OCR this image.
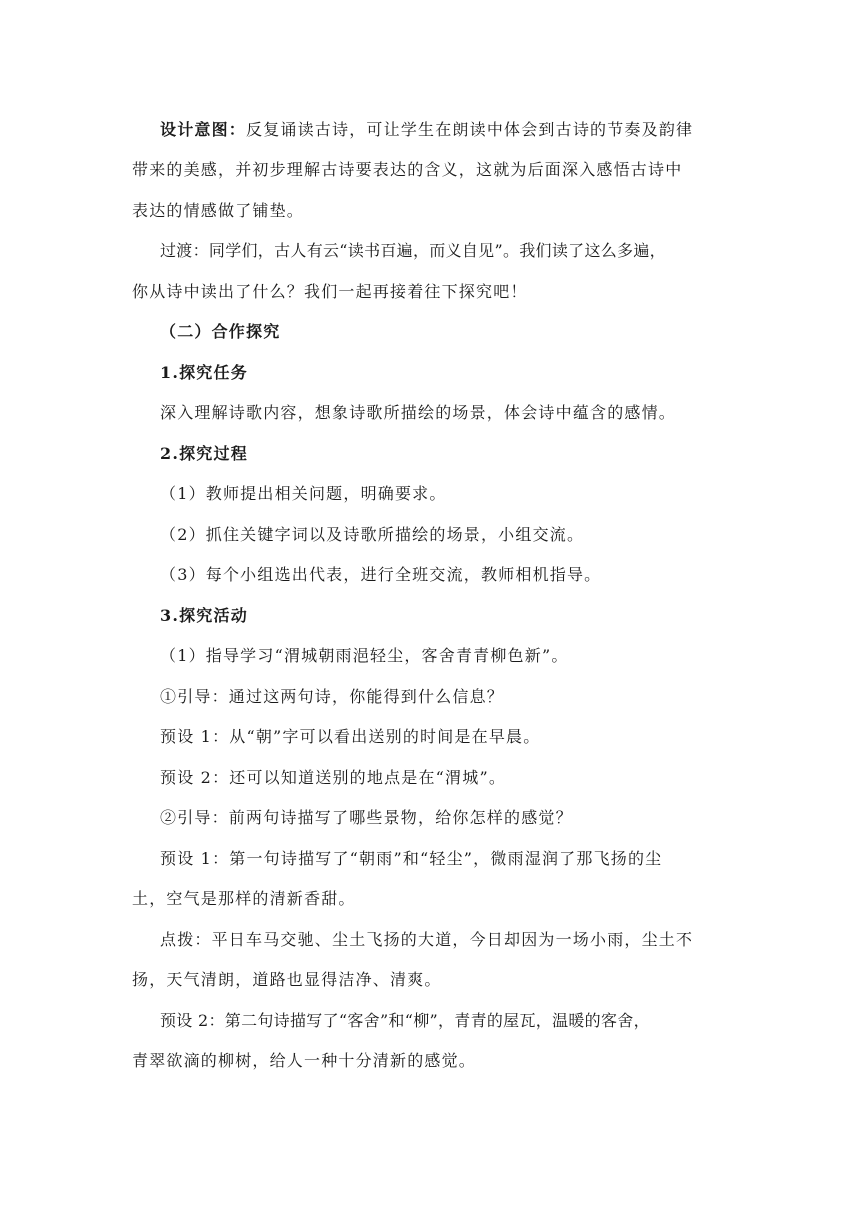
设计意图：反复诵读古诗，可让学生在朗读中体会到古诗的节奏及韵律
带来的美感，并初步理解古诗要表达的含义，这就为后面深入感悟古诗中
表达的情感做了铺垫。
过渡：同学们，古人有云“读书百遍，而义自见”。我们读了这么多遍，
你从诗中读出了什么？我们一起再接着往下探究吧！
（二）合作探究
1.探究任务
深入理解诗歌内容，想象诗歌所描绘的场景，体会诗中蕴含的感情。
2.探究过程
（1）教师提出相关问题，明确要求。
（2）抓住关键字词以及诗歌所描绘的场景，小组交流。
（3）每个小组选出代表，进行全班交流，教师相机指导。
3.探究活动
（1）指导学习“渭城朝雨浥轻尘，客舍青青柳色新”。
①引导：通过这两句诗，你能得到什么信息？
预设 1：从“朝”字可以看出送别的时间是在早晨。
预设 2：还可以知道送别的地点是在“渭城”。
②引导：前两句诗描写了哪些景物，给你怎样的感觉？
预设 1：第一句诗描写了“朝雨”和“轻尘”，微雨湿润了那飞扬的尘
土，空气是那样的清新香甜。
点拨：平日车马交驰、尘土飞扬的大道，今日却因为一场小雨，尘土不
扬，天气清朗，道路也显得洁净、清爽。
预设 2：第二句诗描写了“客舍”和“柳”，青青的屋瓦，温暖的客舍，
青翠欲滴的柳树，给人一种十分清新的感觉。
